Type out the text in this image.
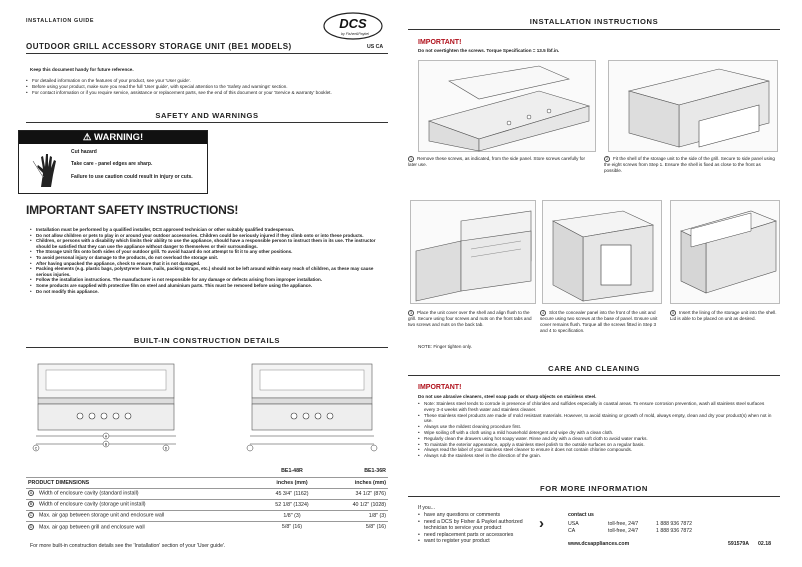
INSTALLATION GUIDE	DCS
by Fisher&Paykel
OUTDOOR GRILL ACCESSORY STORAGE UNIT (BE1 MODELS)	US CA
Keep this document handy for future reference.
• For detailed information on the features of your product, see your 'User guide'.
• Before using your product, make sure you read the full 'User guide', with special attention to the 'Safety and warnings' section.
• For contact information or if you require service, assistance or replacement parts, see the end of this document or your 'Service & warranty' booklet.
SAFETY AND WARNINGS
⚠ WARNING!
Cut hazard
Take care - panel edges are sharp.
Failure to use caution could result in injury or cuts.
IMPORTANT SAFETY INSTRUCTIONS!
• Installation must be performed by a qualified installer, DCS approved technician or other suitably qualified tradesperson.
• Do not allow children or pets to play in or around your outdoor accessories. Children could be seriously injured if they climb onto or into these products.
• Children, or persons with a disability which limits their ability to use the appliance, should have a responsible person to instruct them in its use. The instructor should be satisfied that they can use the appliance without danger to themselves or their surroundings.
• The Storage Unit fits onto both sides of your outdoor grill. To avoid hazard do not attempt to fit it to any other positions.
• To avoid personal injury or damage to the products, do not overload the storage unit.
• After having unpacked the appliance, check to ensure that it is not damaged.
• Packing elements (e.g. plastic bags, polystyrene foam, nails, packing straps, etc.) should not be left around within easy reach of children, as these may cause serious injuries.
• Follow the installation instructions. The manufacturer is not responsible for any damage or defects arising from improper installation.
• Some products are supplied with protective film on steel and aluminium parts. This must be removed before using the appliance.
• Do not modify this appliance.
BUILT-IN CONSTRUCTION DETAILS
A
B
C	D
	BE1-48R	BE1-36R
PRODUCT DIMENSIONS	inches (mm)	inches (mm)
A Width of enclosure cavity (standard install)	45 3/4" (1162)	34 1/2" (876)
B Width of enclosure cavity (storage unit install)	52 1/8" (1324)	40 1/2" (1028)
C Max. air gap between storage unit and enclosure wall	1/8" (3)	1/8" (3)
D Max. air gap between grill and enclosure wall	5/8" (16)	5/8" (16)
For more built-in construction details see the 'Installation' section of your 'User guide'.
INSTALLATION INSTRUCTIONS
IMPORTANT!
Do not overtighten the screws. Torque Specification = 13.5 lbf.in.
1 Remove these screws, as indicated, from the side panel. Store screws carefully for later use.
2 Fit the shell of the storage unit to the side of the grill. Secure to side panel using the eight screws from Step 1. Ensure the shell is fixed as close to the front as possible.
3 Place the unit cover over the shell and align flush to the grill. Secure using four screws and nuts on the front tabs and two screws and nuts on the back tab.
4 Slot the concealer panel into the front of the unit and secure using two screws at the base of panel. Ensure unit cover remains flush. Torque all the screws fitted in Step 3 and 4 to specification.
5 Insert the lining of the storage unit into the shell. Lid is able to be placed on unit as desired.
NOTE: Finger tighten only.
CARE AND CLEANING
IMPORTANT!
Do not use abrasive cleaners, steel soap pads or sharp objects on stainless steel.
• Note: Stainless steel tends to corrode in presence of chlorides and sulfides especially in coastal areas. To ensure corrosion prevention, wash all stainless steel surfaces every 3-4 weeks with fresh water and stainless cleaner.
• These stainless steel products are made of mold resistant materials. However, to avoid staining or growth of mold, always empty, clean and dry your product(s) when not in use.
• Always use the mildest cleaning procedure first.
• Wipe soiling off with a cloth using a mild household detergent and wipe dry with a clean cloth.
• Regularly clean the drawers using hot soapy water. Rinse and dry with a clean soft cloth to avoid water marks.
• To maintain the exterior appearance, apply a stainless steel polish to the outside surfaces on a regular basis.
• Always read the label of your stainless steel cleaner to ensure it does not contain chlorine compounds.
• Always rub the stainless steel in the direction of the grain.
FOR MORE INFORMATION
If you...
• have any questions or comments
• need a DCS by Fisher & Paykel authorized technician to service your product
• need replacement parts or accessories
• want to register your product
›	contact us
USA	toll-free, 24/7	1 888 936 7872
CA	toll-free, 24/7	1 888 936 7872
www.dcsappliances.com	591579A 02.18
